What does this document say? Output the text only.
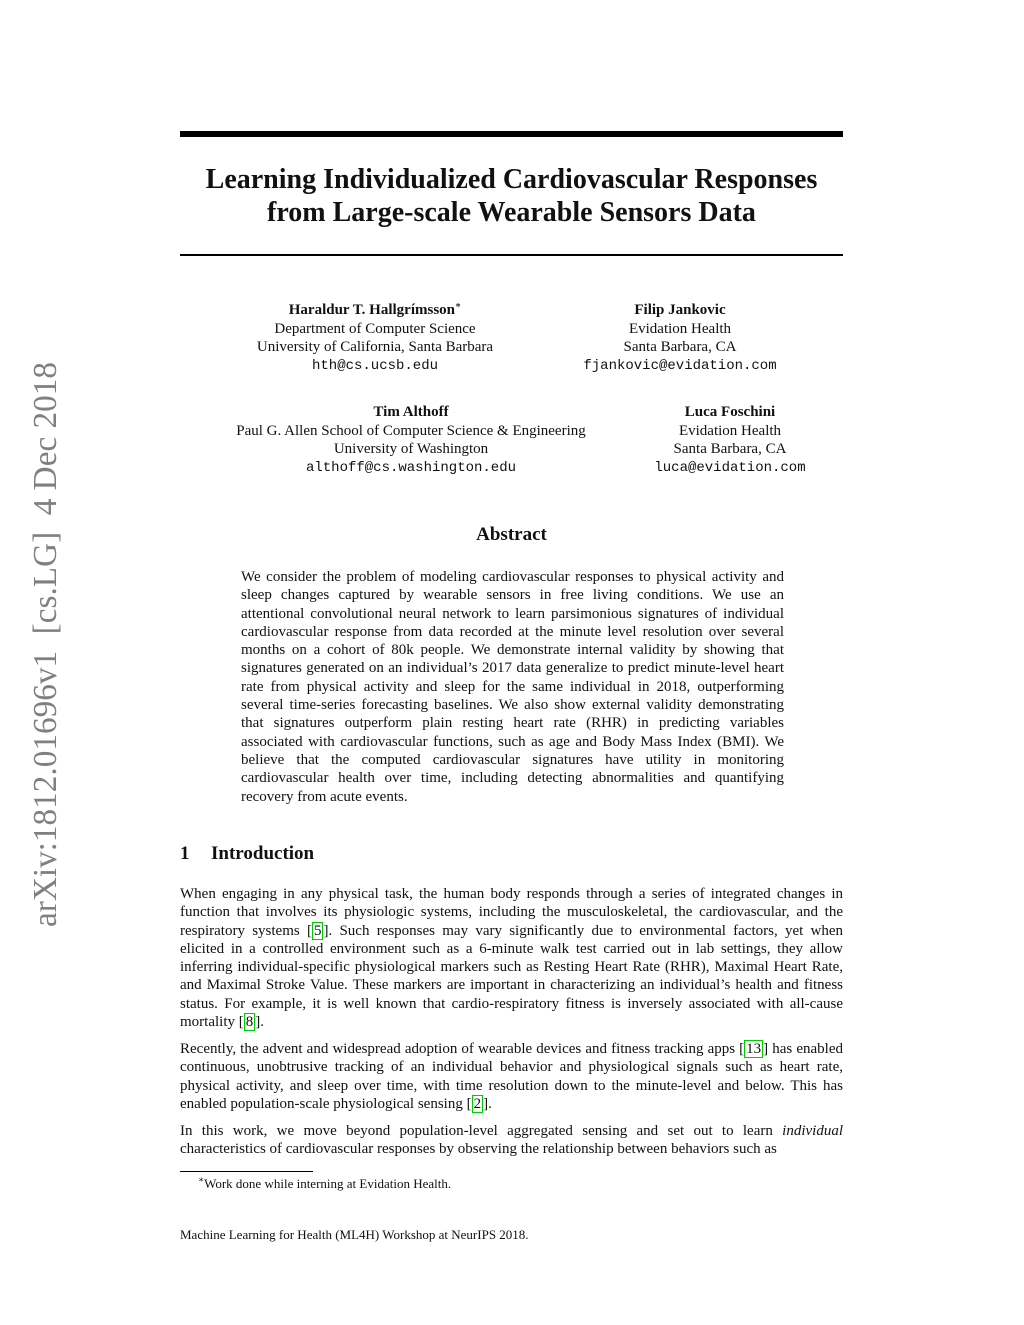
arXiv:1812.01696v1  [cs.LG]  4 Dec 2018
Learning Individualized Cardiovascular Responses
from Large-scale Wearable Sensors Data
Haraldur T. Hallgrímsson∗
Department of Computer Science
University of California, Santa Barbara
hth@cs.ucsb.edu
Filip Jankovic
Evidation Health
Santa Barbara, CA
fjankovic@evidation.com
Tim Althoff
Paul G. Allen School of Computer Science & Engineering
University of Washington
althoff@cs.washington.edu
Luca Foschini
Evidation Health
Santa Barbara, CA
luca@evidation.com
Abstract
We consider the problem of modeling cardiovascular responses to physical activity and sleep changes captured by wearable sensors in free living conditions. We use an attentional convolutional neural network to learn parsimonious signatures of individual cardiovascular response from data recorded at the minute level resolution over several months on a cohort of 80k people. We demonstrate internal validity by showing that signatures generated on an individual’s 2017 data generalize to predict minute-level heart rate from physical activity and sleep for the same individual in 2018, outperforming several time-series forecasting baselines. We also show external validity demonstrating that signatures outperform plain resting heart rate (RHR) in predicting variables associated with cardiovascular functions, such as age and Body Mass Index (BMI). We believe that the computed cardiovascular signatures have utility in monitoring cardiovascular health over time, including detecting abnormalities and quantifying recovery from acute events.
1 Introduction
When engaging in any physical task, the human body responds through a series of integrated changes in function that involves its physiologic systems, including the musculoskeletal, the cardiovascular, and the respiratory systems [ 5 ]. Such responses may vary significantly due to environmental factors, yet when elicited in a controlled environment such as a 6-minute walk test carried out in lab settings, they allow inferring individual-specific physiological markers such as Resting Heart Rate (RHR), Maximal Heart Rate, and Maximal Stroke Value. These markers are important in characterizing an individual’s health and fitness status. For example, it is well known that cardio-respiratory fitness is inversely associated with all-cause mortality [ 8 ].
Recently, the advent and widespread adoption of wearable devices and fitness tracking apps [ 13 ] has enabled continuous, unobtrusive tracking of an individual behavior and physiological signals such as heart rate, physical activity, and sleep over time, with time resolution down to the minute-level and below. This has enabled population-scale physiological sensing [ 2 ].
In this work, we move beyond population-level aggregated sensing and set out to learn individual characteristics of cardiovascular responses by observing the relationship between behaviors such as
∗Work done while interning at Evidation Health.
Machine Learning for Health (ML4H) Workshop at NeurIPS 2018.
